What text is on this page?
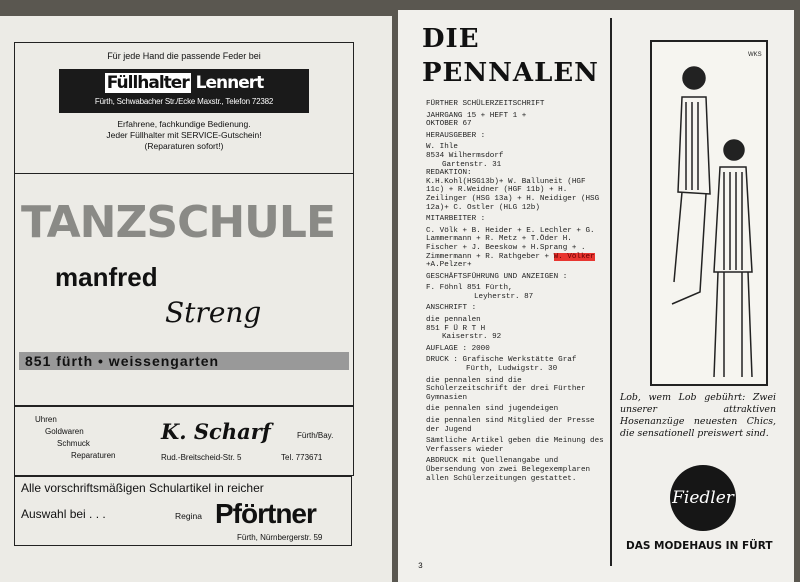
Für jede Hand die passende Feder bei
Füllhalter Lennert
Fürth, Schwabacher Str./Ecke Maxstr., Telefon 72382
Erfahrene, fachkundige Bedienung.
Jeder Füllhalter mit SERVICE-Gutschein!
(Reparaturen sofort!)
TANZSCHULE
manfred
Streng
851 fürth • weissengarten
Uhren
Goldwaren
Schmuck
Reparaturen
K. Scharf	Fürth/Bay.
Rud.-Breitscheid-Str. 5	Tel. 773671
Alle vorschriftsmäßigen Schulartikel in reicher
Auswahl bei . . .	Regina Pförtner
Fürth, Nürnbergerstr. 59
DIE PENNALEN

FÜRTHER SCHÜLERZEITSCHRIFT

JAHRGANG 15 + HEFT 1 +

OKTOBER 67

HERAUSGEBER :

W. Ihle
8534 Wilhermsdorf
Gartenstr. 31
REDAKTION:

K.H.Kohl(HSG13b)+ W. Balluneit (HGF 11c) + R.Weidner (HGF 11b) + H. Zeilinger (HSG 13a) + H. Neidiger (HSG 12a)+ C. Ostler (HLG 12b)

MITARBEITER :

C. Völk + B. Heider + E. Lechler + G. Lammermann + R. Metz + T.Öder H. Fischer + J. Beeskow + H.Sprang + . Zimmermann + R. Rathgeber + W. Völker +A.Pelzer+

GESCHÄFTSFÜHRUNG UND ANZEIGEN :

F. Föhnl 851 Fürth,

Leyherstr. 87

ANSCHRIFT :

die pennalen
851 F Ü R T H

Kaiserstr. 92

AUFLAGE : 2000

DRUCK : Grafische Werkstätte Graf

Fürth, Ludwigstr. 30

die pennalen sind die Schülerzeitschrift der drei Fürther Gymnasien

die pennalen sind jugendeigen

die pennalen sind Mitglied der Presse der Jugend

Sämtliche Artikel geben die Meinung des Verfassers wieder

ABDRUCK mit Quellenangabe und Übersendung von zwei Belegexemplaren allen Schülerzeitungen gestattet.

3
WKS
Lob, wem Lob gebührt: Zwei unserer attraktiven Hosenanzüge neuesten Chics, die sensationell preiswert sind.
Fiedler
DAS MODEHAUS IN FÜRT
